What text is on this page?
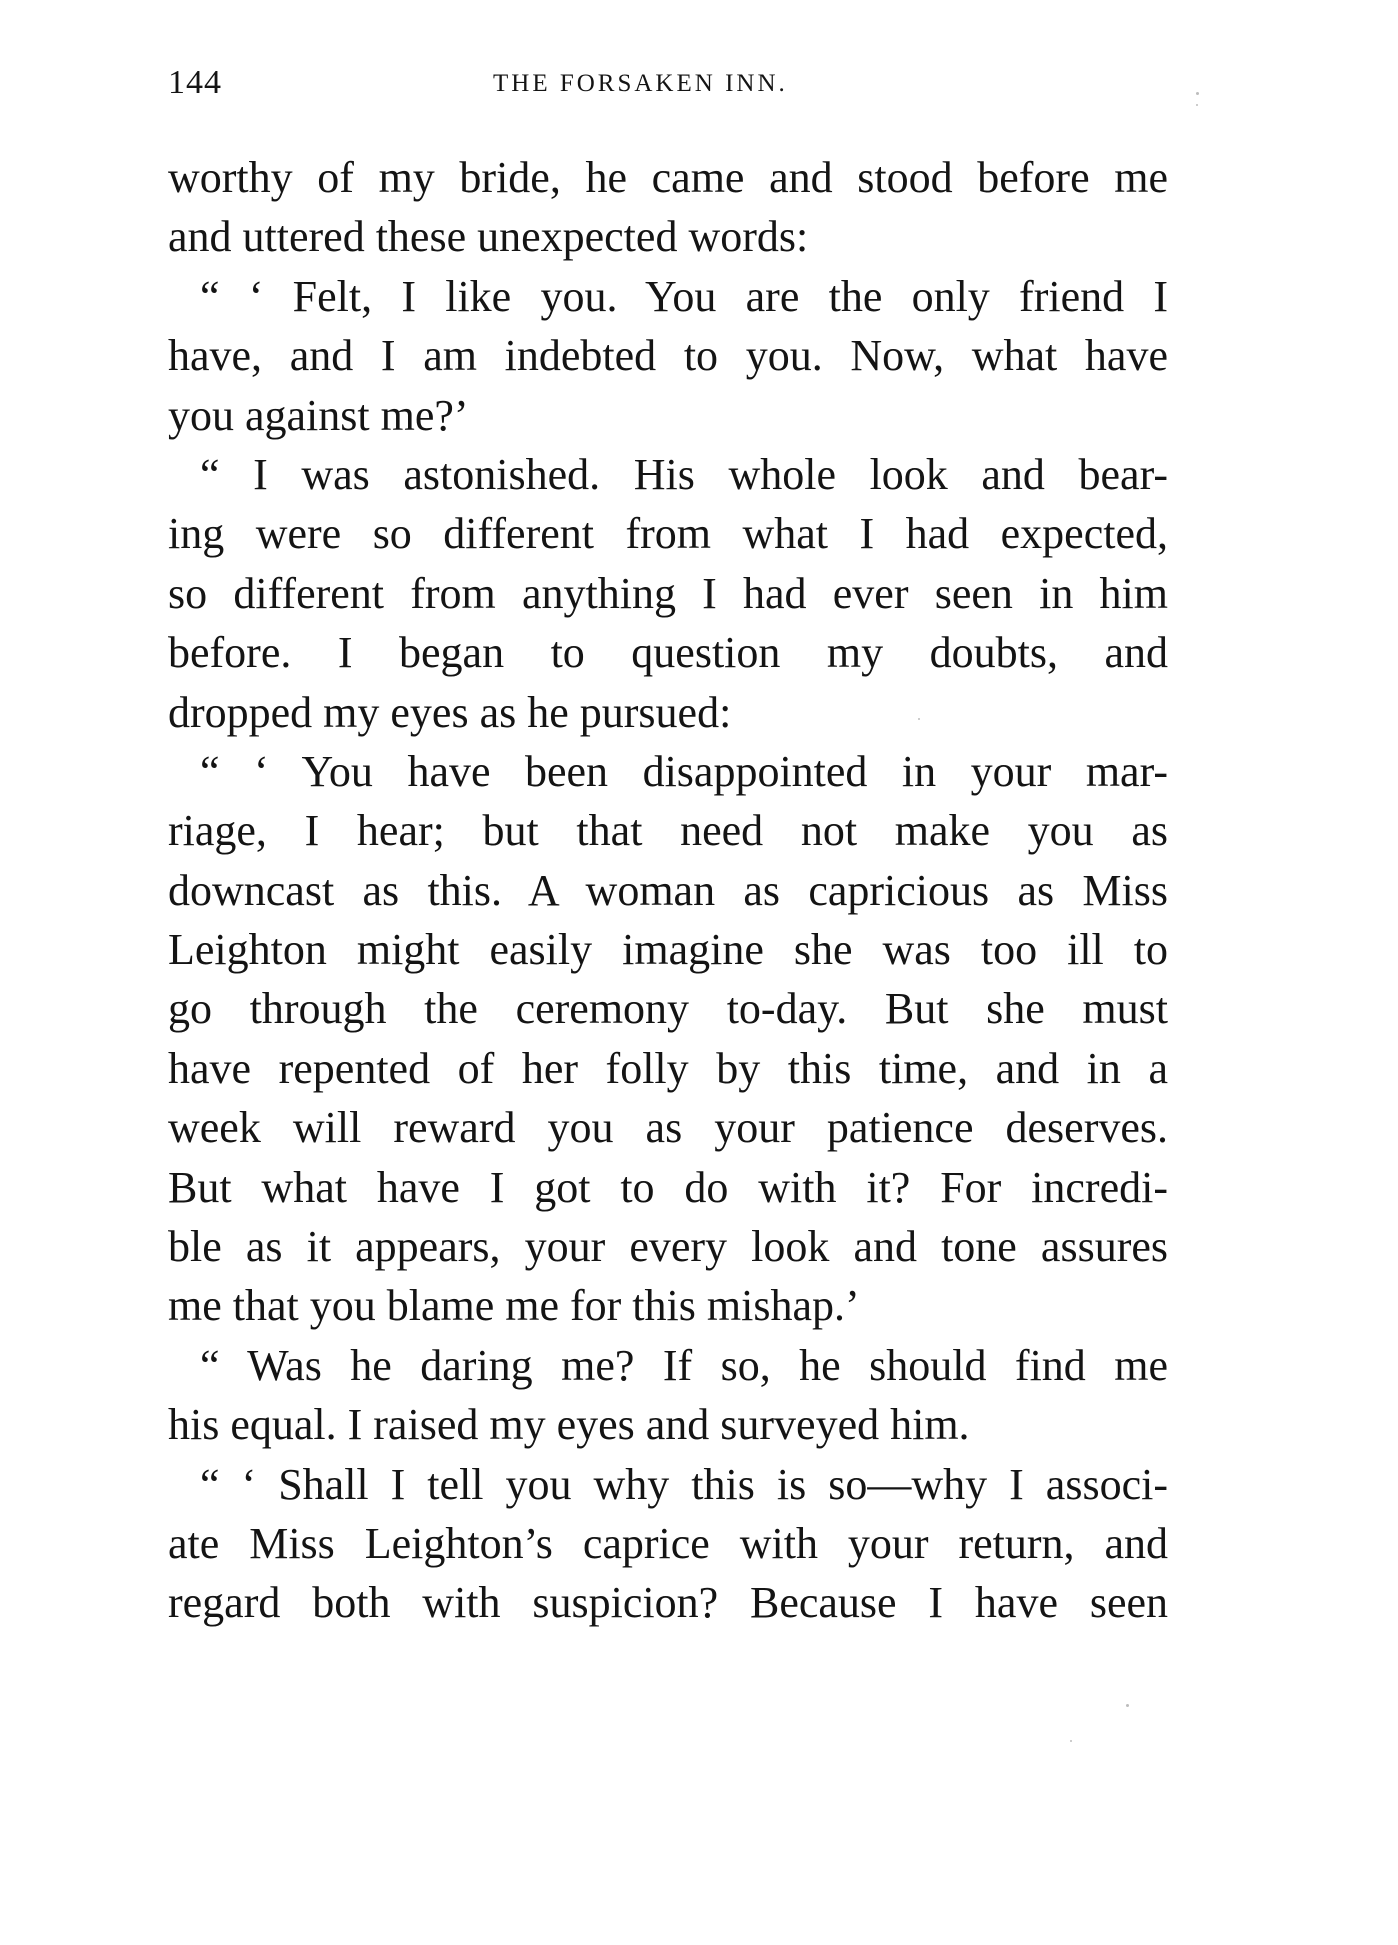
144	THE FORSAKEN INN.
worthy of my bride, he came and stood before me
and uttered these unexpected words:
“ ‘ Felt, I like you. You are the only friend I
have, and I am indebted to you. Now, what have
you against me?’
“ I was astonished. His whole look and bear-
ing were so different from what I had expected,
so different from anything I had ever seen in him
before. I began to question my doubts, and
dropped my eyes as he pursued:
“ ‘ You have been disappointed in your mar-
riage, I hear; but that need not make you as
downcast as this. A woman as capricious as Miss
Leighton might easily imagine she was too ill to
go through the ceremony to-day. But she must
have repented of her folly by this time, and in a
week will reward you as your patience deserves.
But what have I got to do with it? For incredi-
ble as it appears, your every look and tone assures
me that you blame me for this mishap.’
“ Was he daring me? If so, he should find me
his equal. I raised my eyes and surveyed him.
“ ‘ Shall I tell you why this is so—why I associ-
ate Miss Leighton’s caprice with your return, and
regard both with suspicion? Because I have seen
